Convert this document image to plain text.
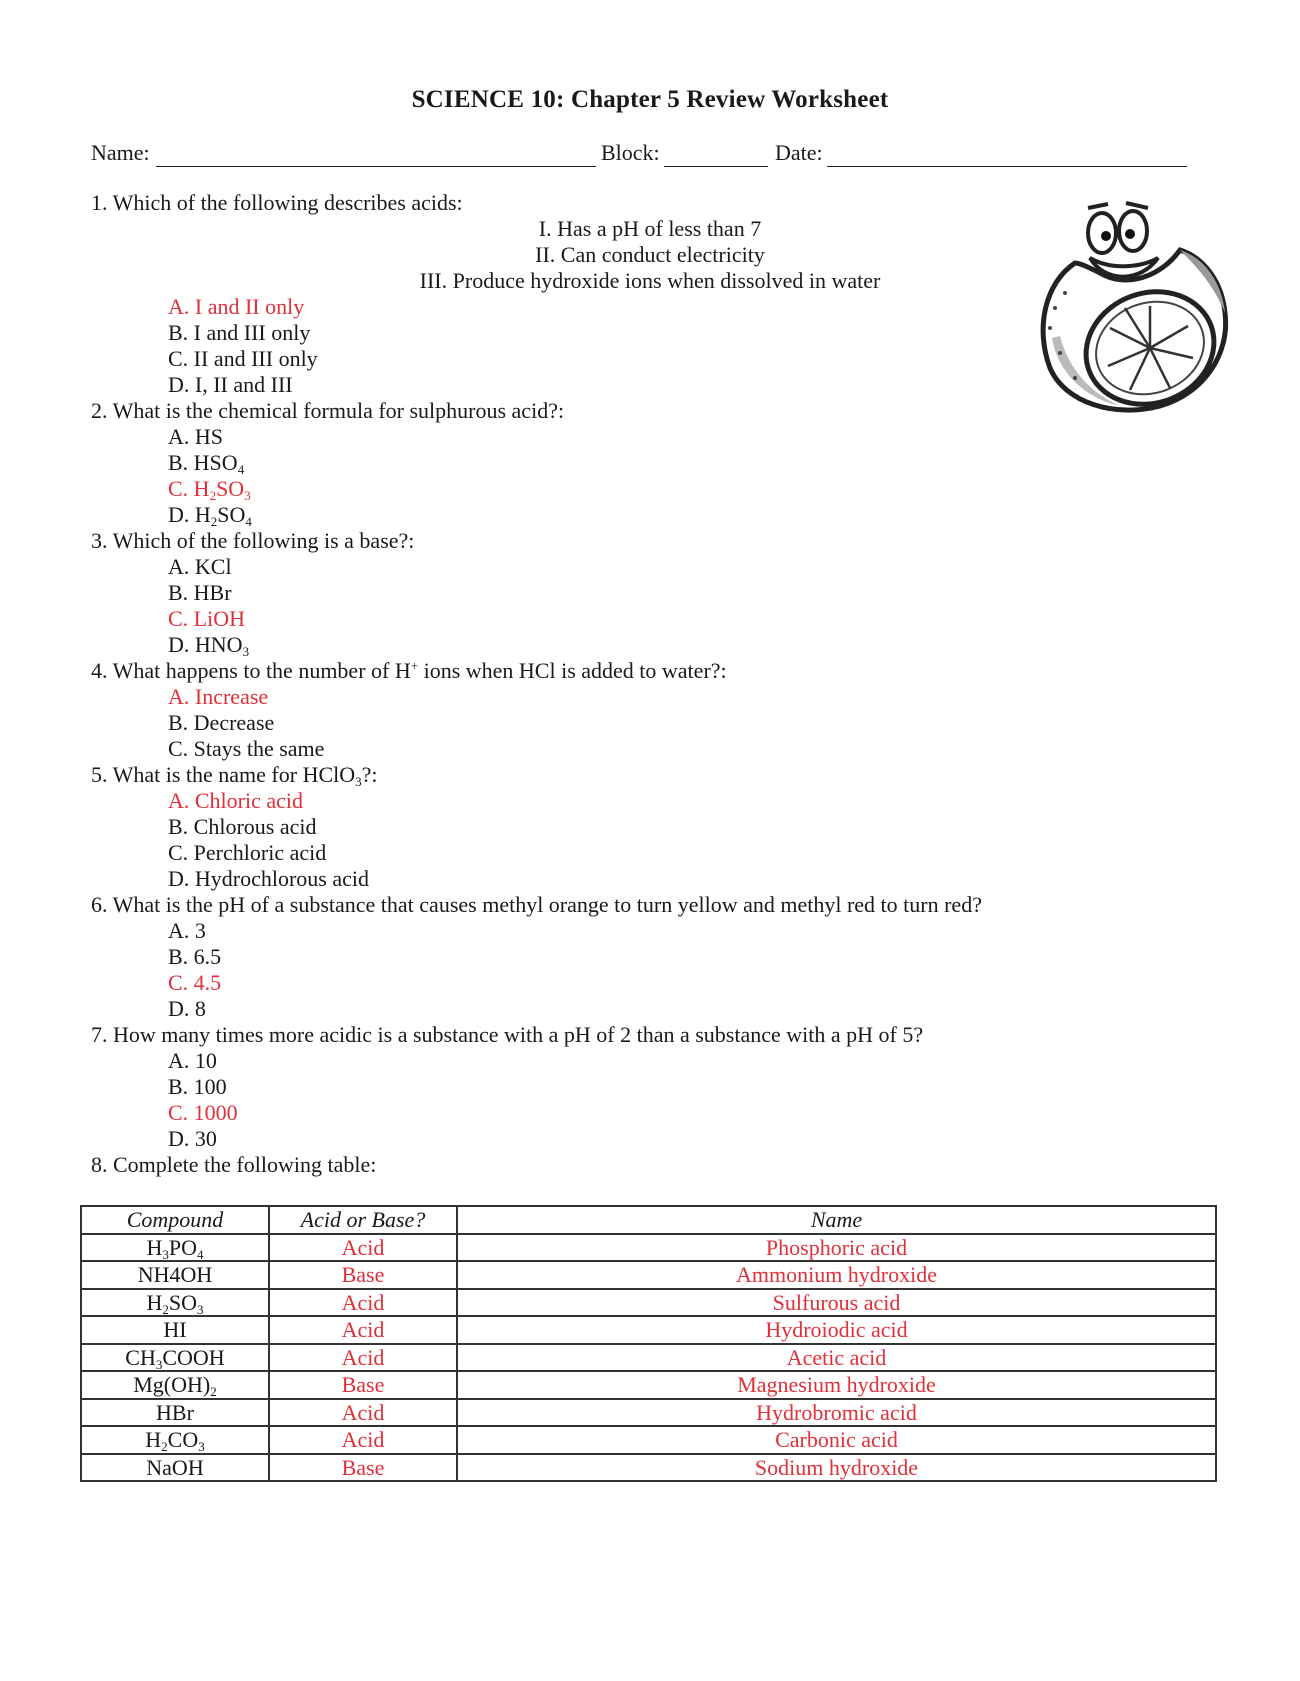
SCIENCE 10: Chapter 5 Review Worksheet
Name:	Block:	Date:
1. Which of the following describes acids:
I. Has a pH of less than 7
II. Can conduct electricity
III. Produce hydroxide ions when dissolved in water
A. I and II only
B. I and III only
C. II and III only
D. I, II and III
2. What is the chemical formula for sulphurous acid?:
A. HS
B. $HSO_4$
C. $H_2SO_3$
D. $H_2SO_4$
3. Which of the following is a base?:
A. KCl
B. HBr
C. LiOH
D. $HNO_3$
4. What happens to the number of H+ ions when HCl is added to water?:
A. Increase
B. Decrease
C. Stays the same
5. What is the name for HClO$_3$?:
A. Chloric acid
B. Chlorous acid
C. Perchloric acid
D. Hydrochlorous acid
6. What is the pH of a substance that causes methyl orange to turn yellow and methyl red to turn red?
A. 3
B. 6.5
C. 4.5
D. 8
7. How many times more acidic is a substance with a pH of 2 than a substance with a pH of 5?
A. 10
B. 100
C. 1000
D. 30
8. Complete the following table:
Compound	Acid or Base?	Name
$H_3PO_4$	Acid	Phosphoric acid
NH4OH	Base	Ammonium hydroxide
$H_2SO_3$	Acid	Sulfurous acid
HI	Acid	Hydroiodic acid
$CH_3COOH$	Acid	Acetic acid
$Mg(OH)_2$	Base	Magnesium hydroxide
HBr	Acid	Hydrobromic acid
$H_2CO_3$	Acid	Carbonic acid
NaOH	Base	Sodium hydroxide
